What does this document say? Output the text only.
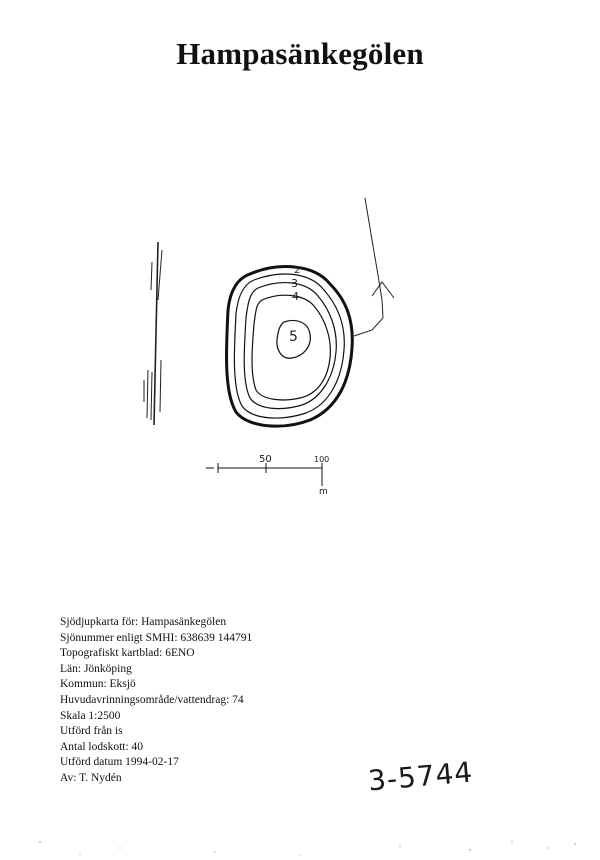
Hampasänkegölen
2
3
4
5
50	100
m
Sjödjupkarta för: Hampasänkegölen
Sjönummer enligt SMHI: 638639 144791
Topografiskt kartblad: 6ENO
Län: Jönköping
Kommun: Eksjö
Huvudavrinningsområde/vattendrag: 74
Skala 1:2500
Utförd från is
Antal lodskott: 40
Utförd datum 1994-02-17
Av: T. Nydén	3-5744
